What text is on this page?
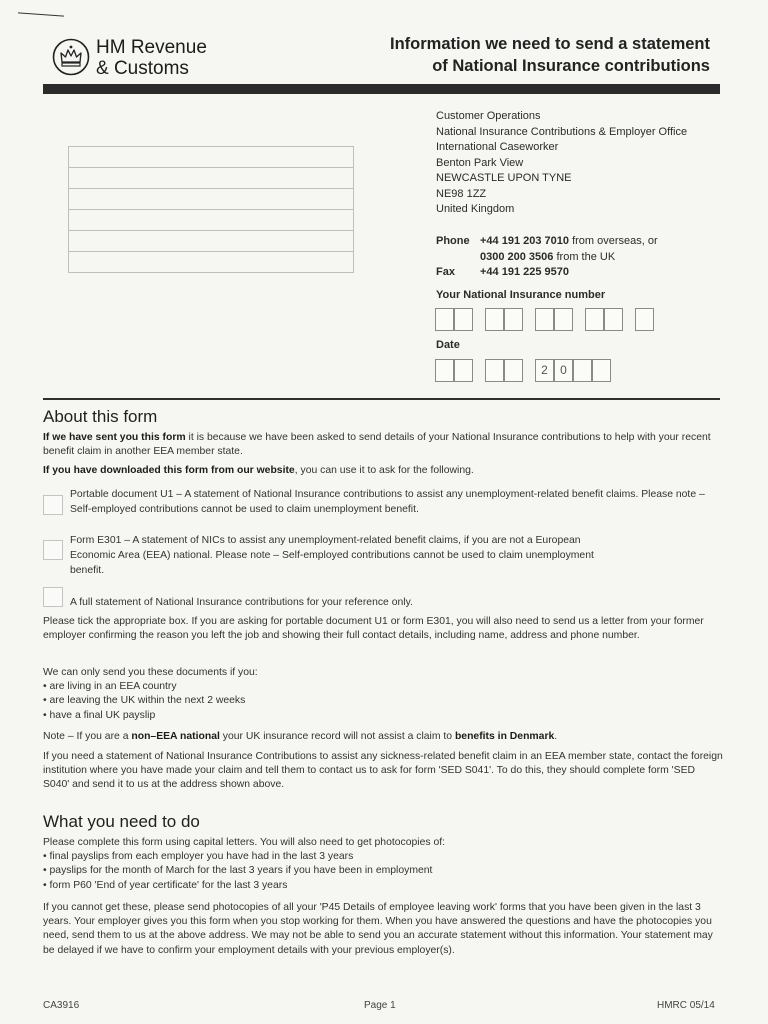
HM Revenue
& Customs
Information we need to send a statement
of National Insurance contributions
Customer Operations
National Insurance Contributions & Employer Office
International Caseworker
Benton Park View
NEWCASTLE UPON TYNE
NE98 1ZZ
United Kingdom
Phone +44 191 203 7010 from overseas, or
0300 200 3506 from the UK
Fax +44 191 225 9570
Your National Insurance number
Date
2	0
About this form
If we have sent you this form it is because we have been asked to send details of your National Insurance contributions to help with your recent benefit claim in another EEA member state.
If you have downloaded this form from our website, you can use it to ask for the following.
Portable document U1 – A statement of National Insurance contributions to assist any unemployment-related benefit claims. Please note – Self-employed contributions cannot be used to claim unemployment benefit.
Form E301 – A statement of NICs to assist any unemployment-related benefit claims, if you are not a European Economic Area (EEA) national. Please note – Self-employed contributions cannot be used to claim unemployment benefit.
A full statement of National Insurance contributions for your reference only.
Please tick the appropriate box. If you are asking for portable document U1 or form E301, you will also need to send us a letter from your former employer confirming the reason you left the job and showing their full contact details, including name, address and phone number.
We can only send you these documents if you:
• are living in an EEA country
• are leaving the UK within the next 2 weeks
• have a final UK payslip
Note – If you are a non–EEA national your UK insurance record will not assist a claim to benefits in Denmark.
If you need a statement of National Insurance Contributions to assist any sickness-related benefit claim in an EEA member state, contact the foreign institution where you have made your claim and tell them to contact us to ask for form 'SED S041'. To do this, they should complete form 'SED S040' and send it to us at the address shown above.
What you need to do
Please complete this form using capital letters. You will also need to get photocopies of:
• final payslips from each employer you have had in the last 3 years
• payslips for the month of March for the last 3 years if you have been in employment
• form P60 'End of year certificate' for the last 3 years
If you cannot get these, please send photocopies of all your 'P45 Details of employee leaving work' forms that you have been given in the last 3 years. Your employer gives you this form when you stop working for them. When you have answered the questions and have the photocopies you need, send them to us at the above address. We may not be able to send you an accurate statement without this information. Your statement may be delayed if we have to confirm your employment details with your previous employer(s).
CA3916	Page 1	HMRC 05/14
